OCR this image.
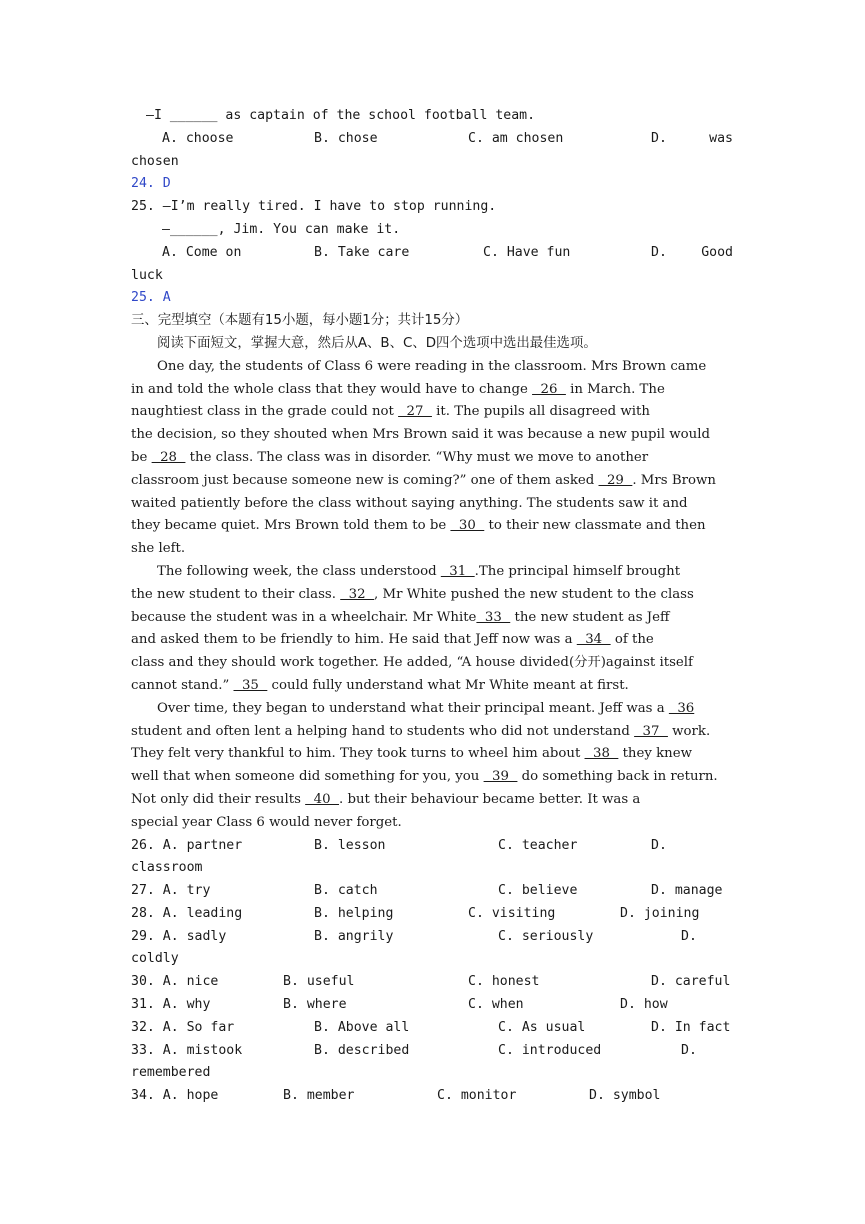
—I ______ as captain of the school football team.
A. choose	B. chose	C. am chosen	D.	was
chosen
24. D
25. —I’m really tired. I have to stop running.
—______, Jim. You can make it.
A. Come on	B. Take care	C. Have fun	D.	Good
luck
25. A
三、完型填空（本题有15小题，每小题1分；共计15分）
阅读下面短文，掌握大意，然后从A、B、C、D四个选项中选出最佳选项。
One day, the students of Class 6 were reading in the classroom. Mrs Brown came
in and told the whole class that they would have to change   26   in March. The
naughtiest class in the grade could not   27   it. The pupils all disagreed with
the decision, so they shouted when Mrs Brown said it was because a new pupil would
be   28   the class. The class was in disorder. “Why must we move to another
classroom just because someone new is coming?” one of them asked   29  . Mrs Brown
waited patiently before the class without saying anything. The students saw it and
they became quiet. Mrs Brown told them to be   30   to their new classmate and then
she left.
The following week, the class understood   31  .The principal himself brought
the new student to their class.   32  , Mr White pushed the new student to the class
because the student was in a wheelchair. Mr White  33   the new student as Jeff
and asked them to be friendly to him. He said that Jeff now was a   34   of the
class and they should work together. He added, “A house divided(分开)against itself
cannot stand.”   35   could fully understand what Mr White meant at first.
Over time, they began to understand what their principal meant. Jeff was a   36
student and often lent a helping hand to students who did not understand   37   work.
They felt very thankful to him. They took turns to wheel him about   38   they knew
well that when someone did something for you, you   39   do something back in return.
Not only did their results   40  . but their behaviour became better. It was a
special year Class 6 would never forget.
26. A. partner	B. lesson	C. teacher	D.
classroom
27. A. try	B. catch	C. believe	D. manage
28. A. leading	B. helping	C. visiting	D. joining
29. A. sadly	B. angrily	C. seriously	D.
coldly
30. A. nice	B. useful	C. honest	D. careful
31. A. why	B. where	C. when	D. how
32. A. So far	B. Above all	C. As usual	D. In fact
33. A. mistook	B. described	C. introduced	D.
remembered
34. A. hope	B. member	C. monitor	D. symbol
